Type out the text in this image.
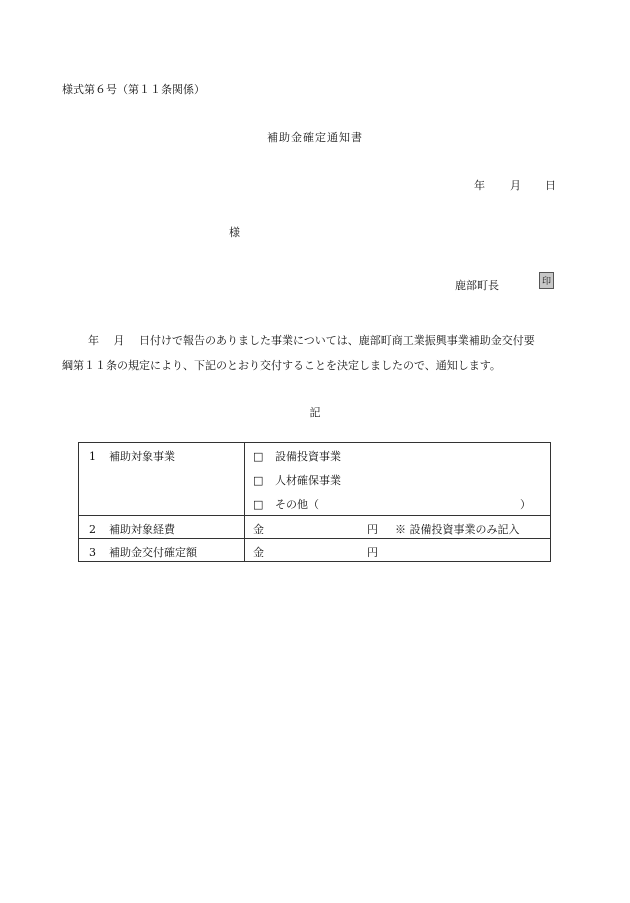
様式第６号（第１１条関係）
補助金確定通知書
年 月 日
様
鹿部町長	印
年　 月　 日付けで報告のありました事業については、鹿部町商工業振興事業補助金交付要
綱第１１条の規定により、下記のとおり交付することを決定しましたので、通知します。
記
1 補助対象事業	□ 設備投資事業
□ 人材確保事業
□ その他（ ）

2 補助対象経費	金 円 ※ 設備投資事業のみ記入

3 補助金交付確定額	金 円
